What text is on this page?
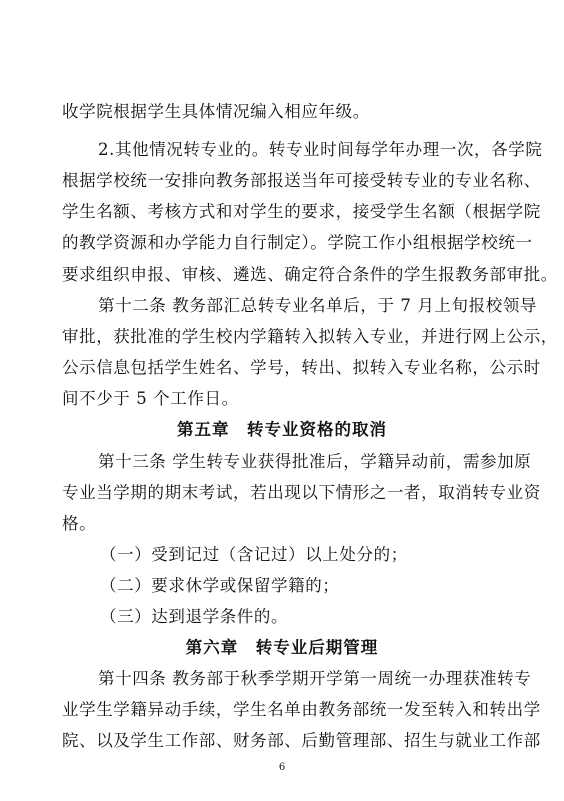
收学院根据学生具体情况编入相应年级。
2.其他情况转专业的。转专业时间每学年办理一次，各学院
根据学校统一安排向教务部报送当年可接受转专业的专业名称、
学生名额、考核方式和对学生的要求，接受学生名额（根据学院
的教学资源和办学能力自行制定）。学院工作小组根据学校统一
要求组织申报、审核、遴选、确定符合条件的学生报教务部审批。
第十二条 教务部汇总转专业名单后，于 7 月上旬报校领导
审批，获批准的学生校内学籍转入拟转入专业，并进行网上公示，
公示信息包括学生姓名、学号，转出、拟转入专业名称，公示时
间不少于 5 个工作日。
第五章　转专业资格的取消
第十三条 学生转专业获得批准后，学籍异动前，需参加原
专业当学期的期末考试，若出现以下情形之一者，取消转专业资
格。
（一）受到记过（含记过）以上处分的；
（二）要求休学或保留学籍的；
（三）达到退学条件的。
第六章　转专业后期管理
第十四条 教务部于秋季学期开学第一周统一办理获准转专
业学生学籍异动手续，学生名单由教务部统一发至转入和转出学
院、以及学生工作部、财务部、后勤管理部、招生与就业工作部
6
